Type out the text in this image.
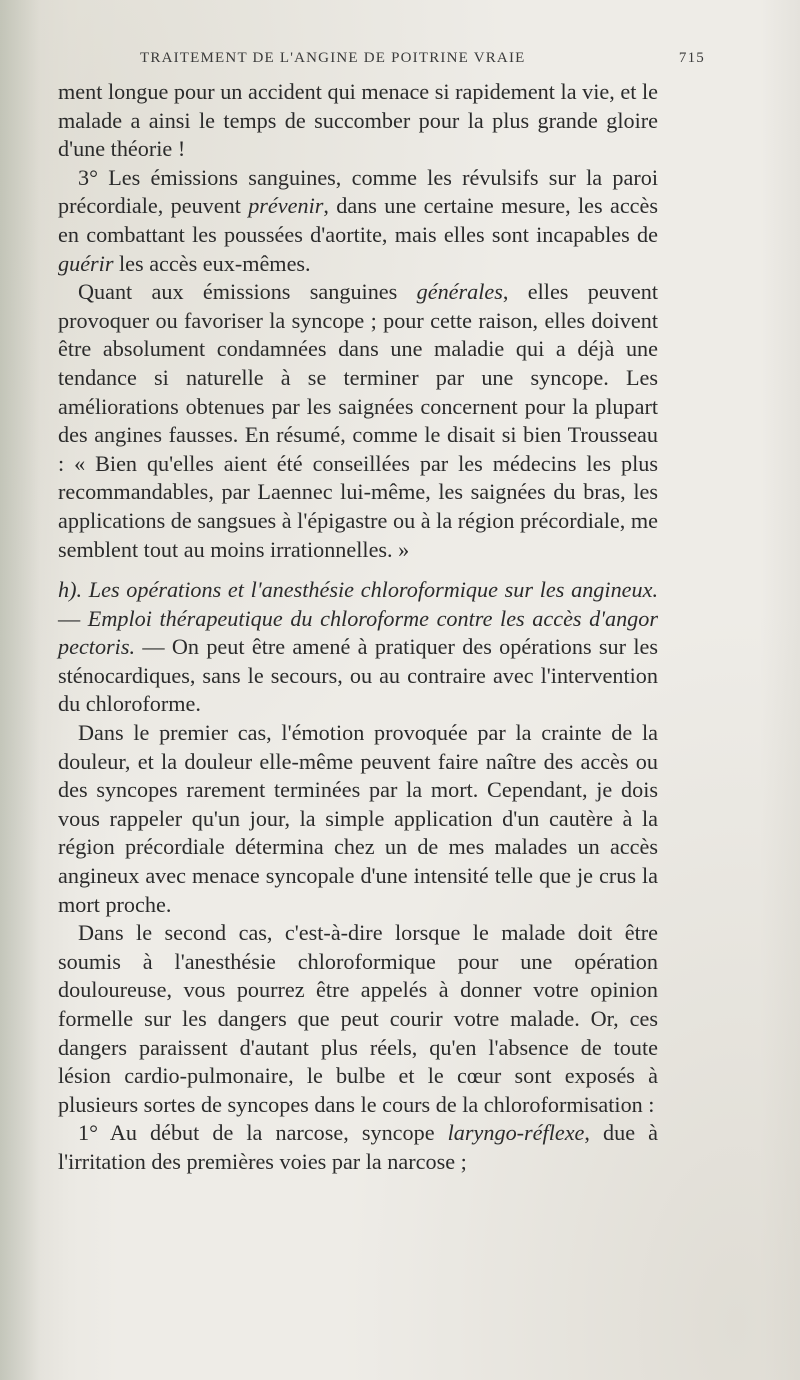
TRAITEMENT DE L'ANGINE DE POITRINE VRAIE	715

ment longue pour un accident qui menace si rapidement la vie, et le malade a ainsi le temps de succomber pour la plus grande gloire d'une théorie !

3° Les émissions sanguines, comme les révulsifs sur la paroi précordiale, peuvent prévenir, dans une certaine mesure, les accès en combattant les poussées d'aortite, mais elles sont incapables de guérir les accès eux-mêmes.

Quant aux émissions sanguines générales, elles peuvent provoquer ou favoriser la syncope ; pour cette raison, elles doivent être absolument condamnées dans une maladie qui a déjà une tendance si naturelle à se terminer par une syncope. Les améliorations obtenues par les saignées concernent pour la plupart des angines fausses. En résumé, comme le disait si bien Trousseau : « Bien qu'elles aient été conseillées par les médecins les plus recommandables, par Laennec lui-même, les saignées du bras, les applications de sangsues à l'épigastre ou à la région précordiale, me semblent tout au moins irrationnelles. »

h). Les opérations et l'anesthésie chloroformique sur les angineux. — Emploi thérapeutique du chloroforme contre les accès d'angor pectoris. — On peut être amené à pratiquer des opérations sur les sténocardiques, sans le secours, ou au contraire avec l'intervention du chloroforme.

Dans le premier cas, l'émotion provoquée par la crainte de la douleur, et la douleur elle-même peuvent faire naître des accès ou des syncopes rarement terminées par la mort. Cependant, je dois vous rappeler qu'un jour, la simple application d'un cautère à la région précordiale détermina chez un de mes malades un accès angineux avec menace syncopale d'une intensité telle que je crus la mort proche.

Dans le second cas, c'est-à-dire lorsque le malade doit être soumis à l'anesthésie chloroformique pour une opération douloureuse, vous pourrez être appelés à donner votre opinion formelle sur les dangers que peut courir votre malade. Or, ces dangers paraissent d'autant plus réels, qu'en l'absence de toute lésion cardio-pulmonaire, le bulbe et le cœur sont exposés à plusieurs sortes de syncopes dans le cours de la chloroformisation :

1° Au début de la narcose, syncope laryngo-réflexe, due à l'irritation des premières voies par la narcose ;
